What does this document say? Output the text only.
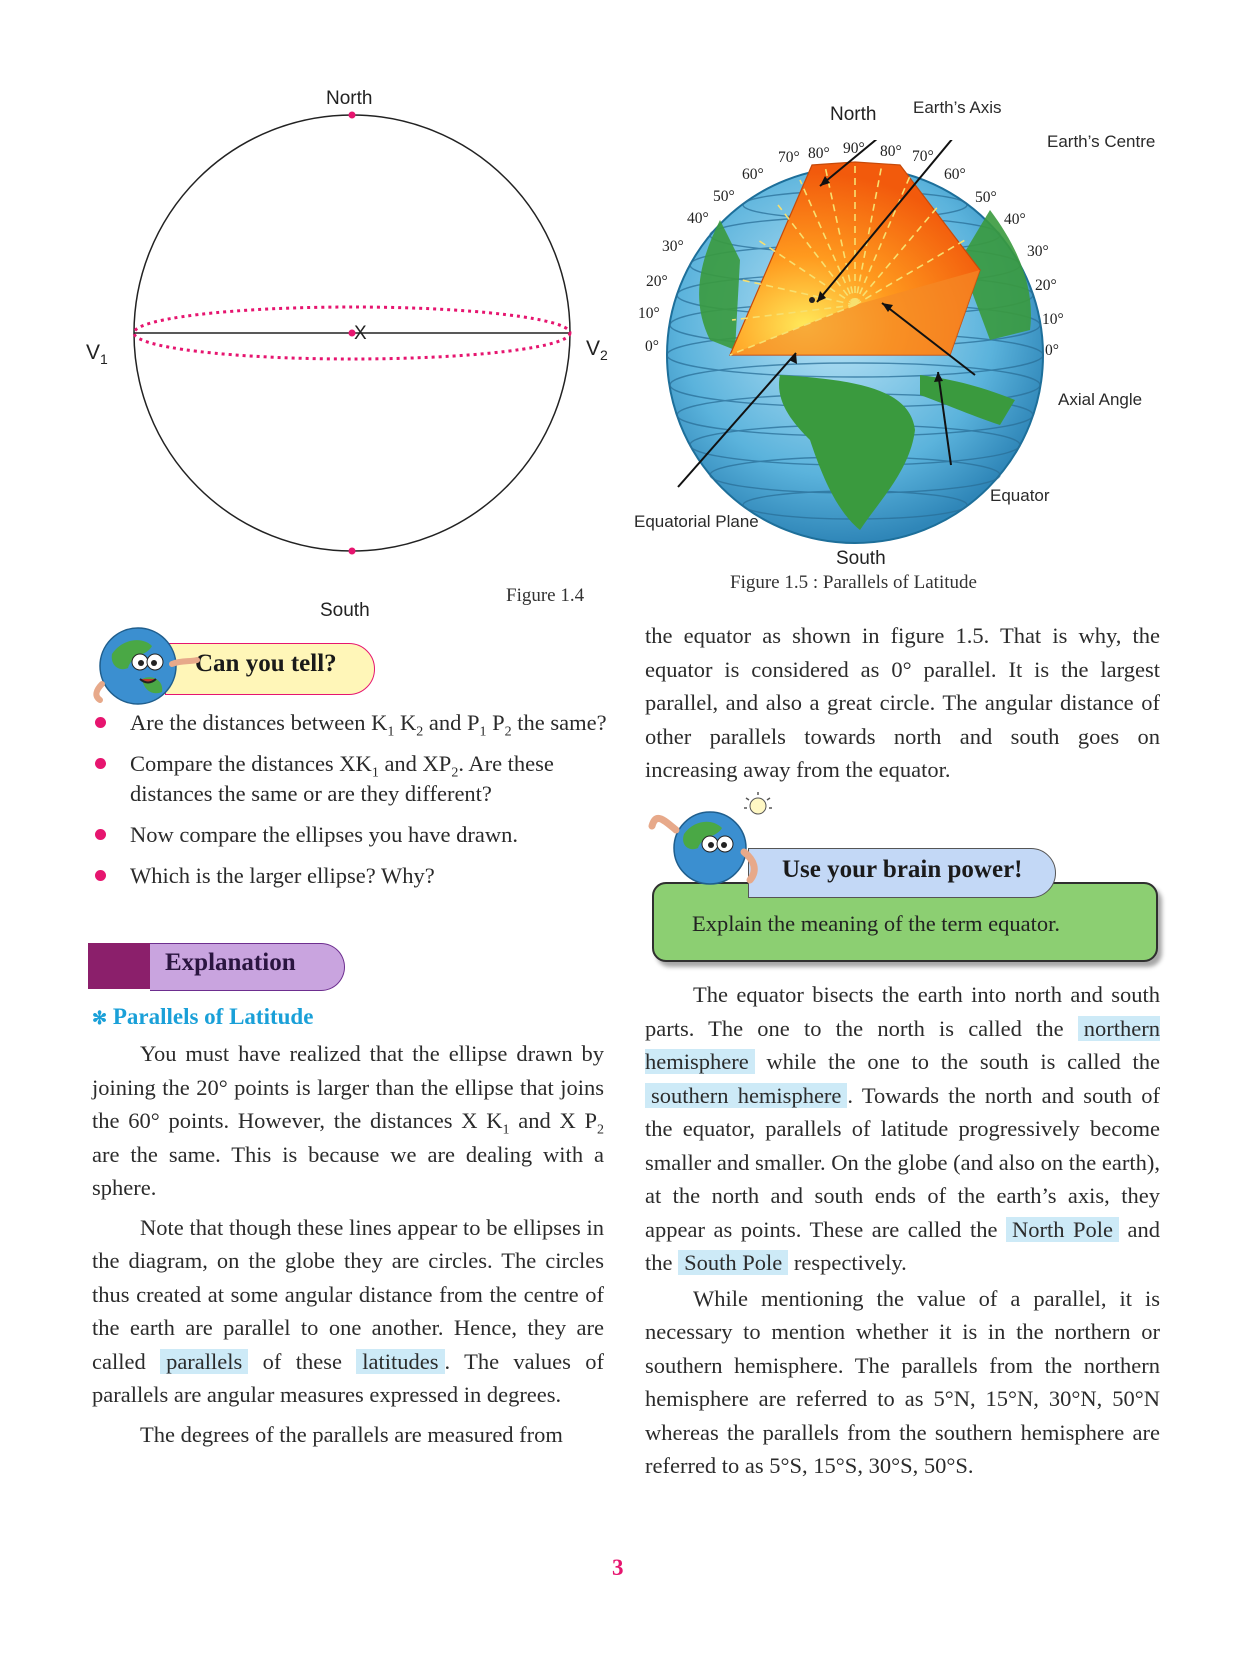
North
South
X
$V_1$	$V_2$
Figure 1.4
North
South
Earth’s Axis
Earth’s Centre
Axial Angle
Equator
Equatorial Plane
Figure 1.5 : Parallels of Latitude
70° 80°
60°
50°
40°
30°
20°
10°
0°
90° 80° 70°
60°
50°
40°
30°
20°
10°
0°
Can you tell?
Are the distances between $K_1$ $K_2$ and $P_1$ $P_2$ the same?
Compare the distances $XK_1$ and $XP_2$. Are these distances the same or are they different?
Now compare the ellipses you have drawn.
Which is the larger ellipse? Why?
Explanation
✻ Parallels of Latitude

You must have realized that the ellipse drawn by joining the 20° points is larger than the ellipse that joins the 60° points. However, the distances X $K_1$ and X $P_2$ are the same. This is because we are dealing with a sphere.

Note that though these lines appear to be ellipses in the diagram, on the globe they are circles. The circles thus created at some angular distance from the centre of the earth are parallel to one another. Hence, they are called parallels of these latitudes . The values of parallels are angular measures expressed in degrees.

The degrees of the parallels are measured from

the equator as shown in figure 1.5. That is why, the equator is considered as 0° parallel. It is the largest parallel, and also a great circle. The angular distance of other parallels towards north and south goes on increasing away from the equator.
Use your brain power!
Explain the meaning of the term equator.

The equator bisects the earth into north and south parts. The one to the north is called the northern hemisphere while the one to the south is called the southern hemisphere . Towards the north and south of the equator, parallels of latitude progressively become smaller and smaller. On the globe (and also on the earth), at the north and south ends of the earth’s axis, they appear as points. These are called the North Pole and the South Pole respectively.

While mentioning the value of a parallel, it is necessary to mention whether it is in the northern or southern hemisphere. The parallels from the northern hemisphere are referred to as 5°N, 15°N, 30°N, 50°N whereas the parallels from the southern hemisphere are referred to as 5°S, 15°S, 30°S, 50°S.

3
